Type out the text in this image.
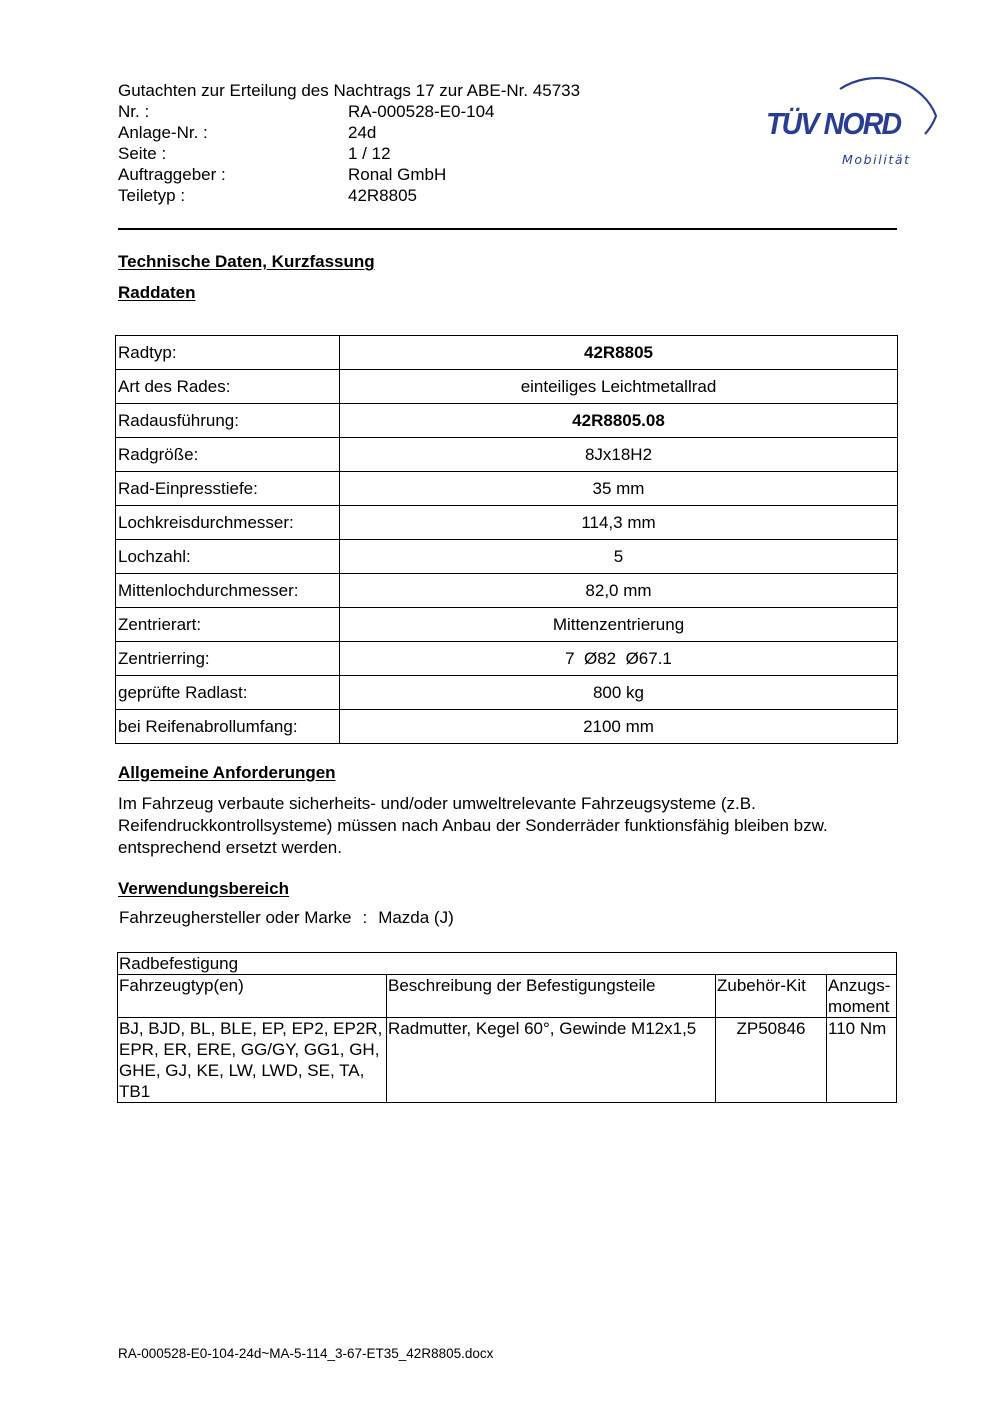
Gutachten zur Erteilung des Nachtrags 17 zur ABE-Nr. 45733
Nr. :	RA-000528-E0-104
Anlage-Nr. :	24d
Seite :	1 / 12
Auftraggeber :	Ronal GmbH
Teiletyp :	42R8805
TÜV NORD
Mobilität
Technische Daten, Kurzfassung
Raddaten
Radtyp:	42R8805
Art des Rades:	einteiliges Leichtmetallrad
Radausführung:	42R8805.08
Radgröße:	8Jx18H2
Rad-Einpresstiefe:	35 mm
Lochkreisdurchmesser:	114,3 mm
Lochzahl:	5
Mittenlochdurchmesser:	82,0 mm
Zentrierart:	Mittenzentrierung
Zentrierring:	7  Ø82  Ø67.1
geprüfte Radlast:	800 kg
bei Reifenabrollumfang:	2100 mm
Allgemeine Anforderungen
Im Fahrzeug verbaute sicherheits- und/oder umweltrelevante Fahrzeugsysteme (z.B. Reifendruckkontrollsysteme) müssen nach Anbau der Sonderräder funktionsfähig bleiben bzw. entsprechend ersetzt werden.
Verwendungsbereich
Fahrzeughersteller oder Marke : Mazda (J)
Radbefestigung			
Fahrzeugtyp(en)	Beschreibung der Befestigungsteile	Zubehör-Kit	Anzugs-moment
BJ, BJD, BL, BLE, EP, EP2, EP2R, EPR, ER, ERE, GG/GY, GG1, GH, GHE, GJ, KE, LW, LWD, SE, TA, TB1	Radmutter, Kegel 60°, Gewinde M12x1,5	ZP50846	110 Nm
RA-000528-E0-104-24d~MA-5-114_3-67-ET35_42R8805.docx
